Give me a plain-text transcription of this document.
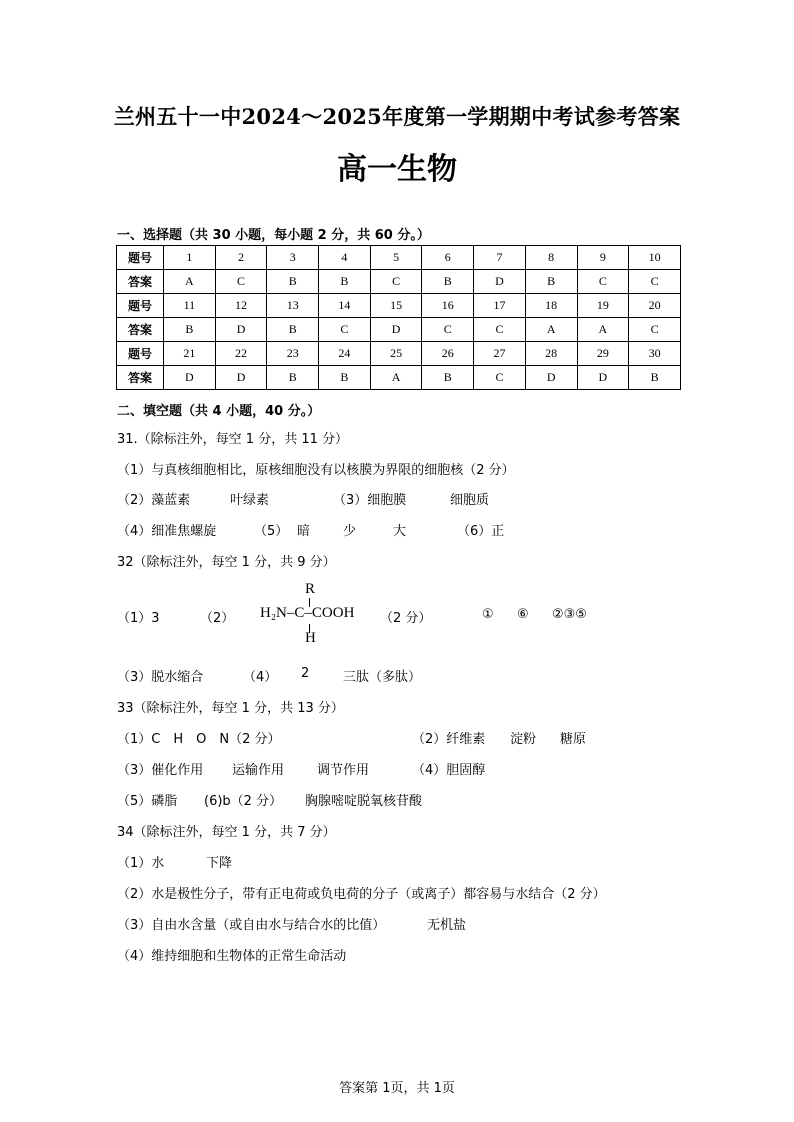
兰州五十一中2024～2025年度第一学期期中考试参考答案
高一生物
一、选择题（共 30 小题，每小题 2 分，共 60 分。）
题号	1	2	3	4	5	6	7	8	9	10
答案	A	C	B	B	C	B	D	B	C	C
题号	11	12	13	14	15	16	17	18	19	20
答案	B	D	B	C	D	C	C	A	A	C
题号	21	22	23	24	25	26	27	28	29	30
答案	D	D	B	B	A	B	C	D	D	B
二、填空题（共 4 小题，40 分。）
31.（除标注外，每空 1 分，共 11 分）
（1）与真核细胞相比，原核细胞没有以核膜为界限的细胞核（2 分）
（2）藻蓝素	叶绿素	（3）细胞膜	细胞质
（4）细准焦螺旋	（5） 暗	少	大	（6）正
32（除标注外，每空 1 分，共 9 分）
R
（1）3	（2） H₂N–C–COOH （2 分）	① ⑥ ②③⑤
H
（3）脱水缩合	（4） 2	三肽（多肽）
33（除标注外，每空 1 分，共 13 分）
（1）C　H　O　N（2 分）	（2）纤维素 淀粉 糖原
（3）催化作用 运输作用	调节作用	（4）胆固醇
（5）磷脂 (6)b（2 分） 胸腺嘧啶脱氧核苷酸
34（除标注外，每空 1 分，共 7 分）
（1）水	下降
（2）水是极性分子，带有正电荷或负电荷的分子（或离子）都容易与水结合（2 分）
（3）自由水含量（或自由水与结合水的比值）	无机盐
（4）维持细胞和生物体的正常生命活动
答案第 1页，共 1页
